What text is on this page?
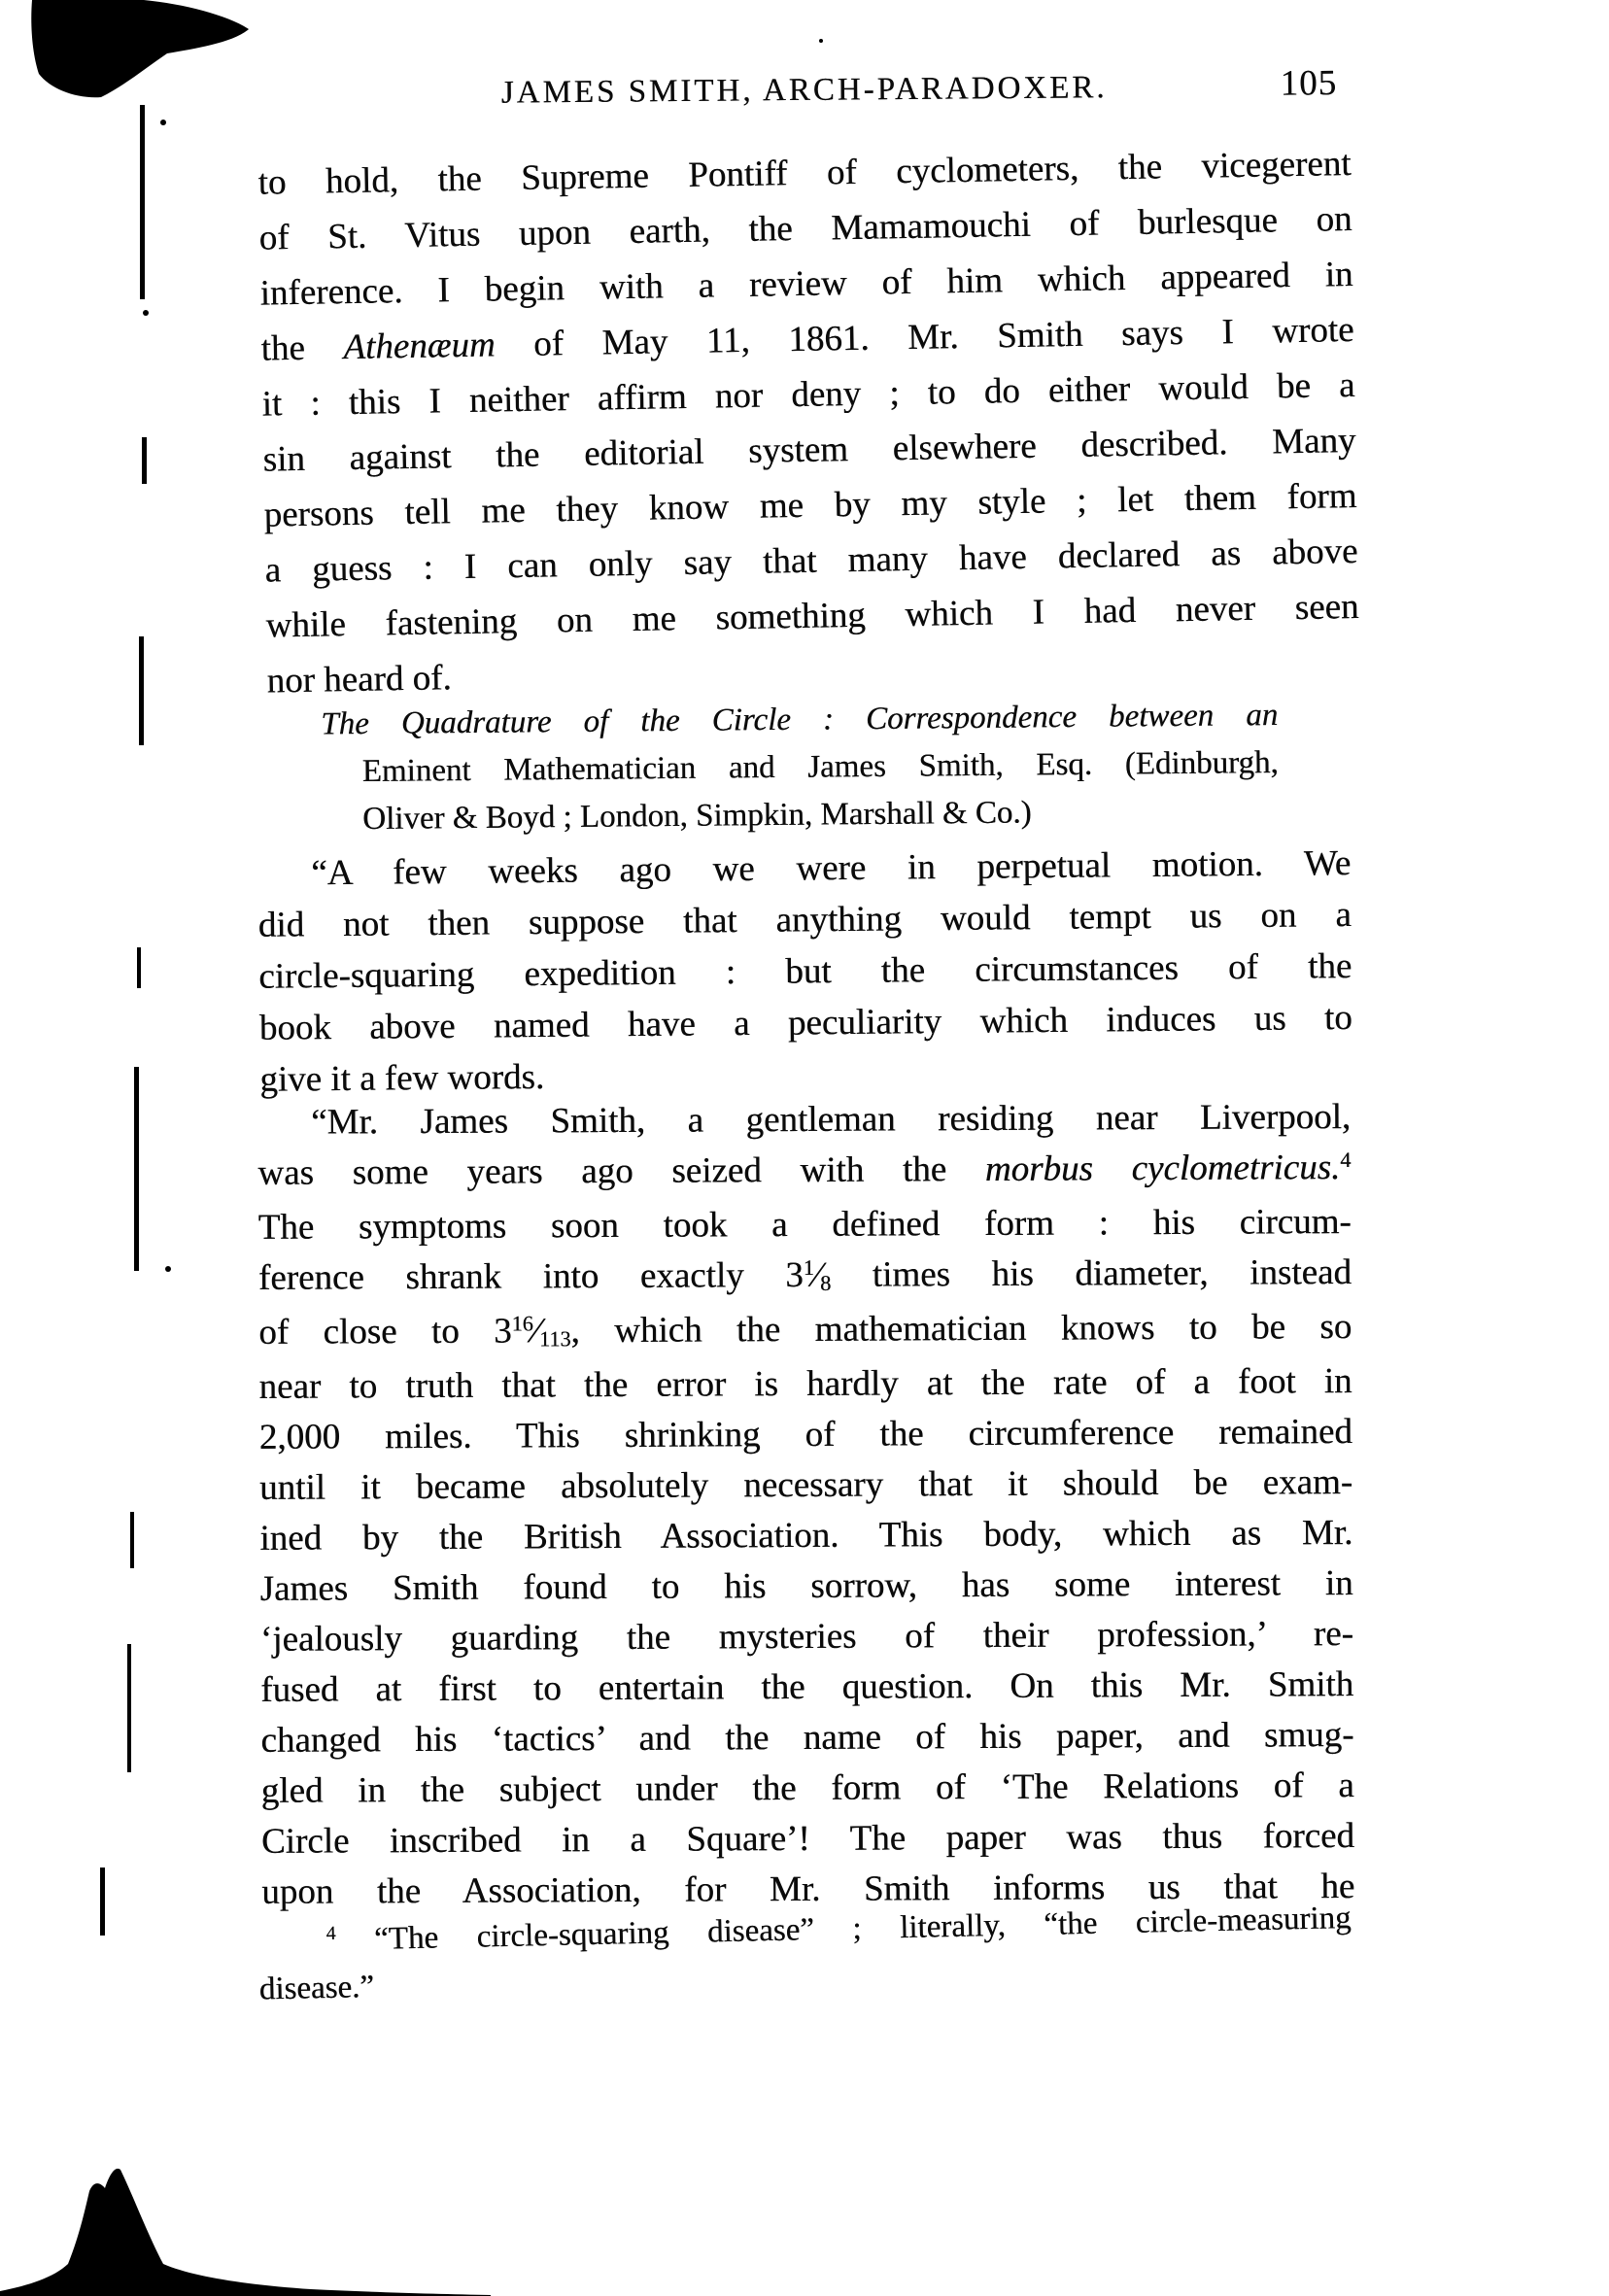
JAMES SMITH, ARCH-PARADOXER.	105
to hold, the Supreme Pontiff of cyclometers, the vicegerent
of St. Vitus upon earth, the Mamamouchi of burlesque on
inference. I begin with a review of him which appeared in
the Athenæum of May 11, 1861. Mr. Smith says I wrote
it : this I neither affirm nor deny ; to do either would be a
sin against the editorial system elsewhere described. Many
persons tell me they know me by my style ; let them form
a guess : I can only say that many have declared as above
while fastening on me something which I had never seen
nor heard of.
The Quadrature of the Circle : Correspondence between an
Eminent Mathematician and James Smith, Esq. (Edinburgh,
Oliver & Boyd ; London, Simpkin, Marshall & Co.)
“A few weeks ago we were in perpetual motion. We
did not then suppose that anything would tempt us on a
circle-squaring expedition : but the circumstances of the
book above named have a peculiarity which induces us to
give it a few words.
“Mr. James Smith, a gentleman residing near Liverpool,
was some years ago seized with the morbus cyclometricus.$^4$
The symptoms soon took a defined form : his circum-
ference shrank into exactly $3^1⁄8$ times his diameter, instead
of close to $3^{16}⁄113$, which the mathematician knows to be so
near to truth that the error is hardly at the rate of a foot in
2,000 miles. This shrinking of the circumference remained
until it became absolutely necessary that it should be exam-
ined by the British Association. This body, which as Mr.
James Smith found to his sorrow, has some interest in
‘jealously guarding the mysteries of their profession,’ re-
fused at first to entertain the question. On this Mr. Smith
changed his ‘tactics’ and the name of his paper, and smug-
gled in the subject under the form of ‘The Relations of a
Circle inscribed in a Square’! The paper was thus forced
upon the Association, for Mr. Smith informs us that he
$^4$ “The circle-squaring disease” ; literally, “the circle-measuring
disease.”
